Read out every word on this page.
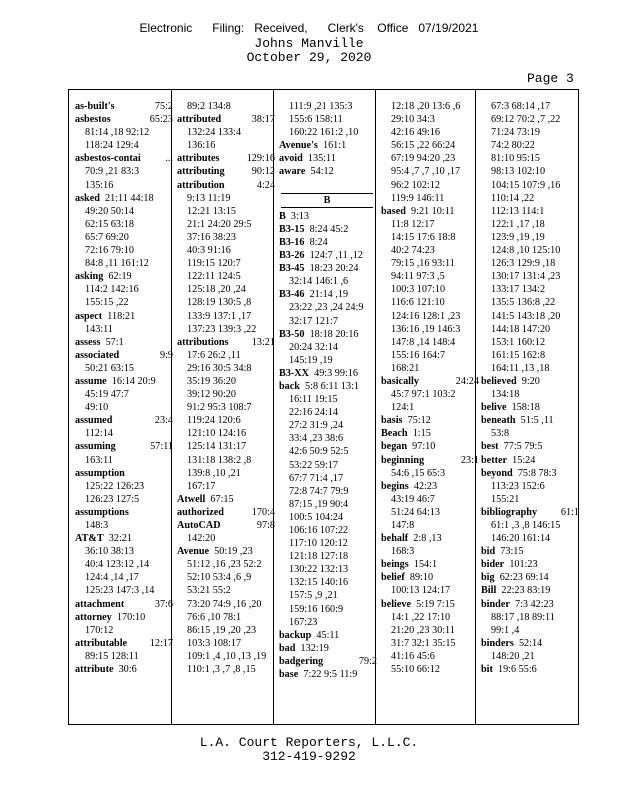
Electronic      Filing:   Received,      Clerk's    Office   07/19/2021
Johns Manville
October 29, 2020
Page 3
75:2
as-built's
65:23
asbestos
81:14 ,18 92:12
118:24 129:4
...
asbestos-contai
70:9 ,21 83:3
135:16
asked  21:11 44:18
49:20 50:14
62:15 63:18
65:7 69:20
72:16 79:10
84:8 ,11 161:12
asking  62:19
114:2 142:16
155:15 ,22
aspect  118:21
143:11
assess  57:1
9:9
associated
50:21 63:15
assume  16:14 20:9
45:19 47:7
49:10
23:4
assumed
112:14
57:11
assuming
163:11
assumption
125:22 126:23
126:23 127:5
assumptions
148:3
AT&T  32:21
36:10 38:13
40:4 123:12 ,14
124:4 ,14 ,17
125:23 147:3 ,14
37:6
attachment
attorney  170:10
170:12
12:17
attributable
89:15 128:11
attribute  30:6
89:2 134:8
38:17
attributed
132:24 133:4
136:16
129:16
attributes
90:12
attributing
4:24
attribution
9:13 11:19
12:21 13:15
21:1 24:20 29:5
37:16 38:23
40:3 91:16
119:15 120:7
122:11 124:5
125:18 ,20 ,24
128:19 130:5 ,8
133:9 137:1 ,17
137:23 139:3 ,22
13:21
attributions
17:6 26:2 ,11
29:16 30:5 34:8
35:19 36:20
39:12 90:20
91:2 95:3 108:7
119:24 120:6
121:10 124:16
125:14 131:17
131:18 138:2 ,8
139:8 ,10 ,21
167:17
Atwell  67:15
170:4
authorized
97:8
AutoCAD
142:20
Avenue  50:19 ,23
51:12 ,16 ,23 52:2
52:10 53:4 ,6 ,9
53:21 55:2
73:20 74:9 ,16 ,20
76:6 ,10 78:1
86:15 ,19 ,20 ,23
103:3 108:17
109:1 ,4 ,10 ,13 ,19
110:1 ,3 ,7 ,8 ,15
111:9 ,21 135:3
155:6 158:11
160:22 161:2 ,10
Avenue's  161:1
avoid  135:11
aware  54:12
B
B  3:13
B3-15  8:24 45:2
B3-16  8:24
B3-26  124:7 ,11 ,12
B3-45  18:23 20:24
32:14 146:1 ,6
B3-46  21:14 ,19
23:22 ,23 ,24 24:9
32:17 121:7
B3-50  18:18 20:16
20:24 32:14
145:19 ,19
B3-XX  49:3 99:16
back  5:8 6:11 13:1
16:11 19:15
22:16 24:14
27:2 31:9 ,24
33:4 ,23 38:6
42:6 50:9 52:5
53:22 59:17
67:7 71:4 ,17
72:8 74:7 79:9
87:15 ,19 90:4
100:5 104:24
106:16 107:22
117:10 120:12
121:18 127:18
130:22 132:13
132:15 140:16
157:5 ,9 ,21
159:16 160:9
167:23
backup  45:11
bad  132:19
79:2
badgering
base  7:22 9:5 11:9
12:18 ,20 13:6 ,6
29:10 34:3
42:16 49:16
56:15 ,22 66:24
67:19 94:20 ,23
95:4 ,7 ,7 ,10 ,17
96:2 102:12
119:9 146:11
based  9:21 10:11
11:8 12:17
14:15 17:6 18:8
40:2 74:23
79:15 ,16 93:11
94:11 97:3 ,5
100:3 107:10
116:6 121:10
124:16 128:1 ,23
136:16 ,19 146:3
147:8 ,14 148:4
155:16 164:7
168:21
24:24
basically
45:7 97:1 103:2
124:1
basis  75:12
Beach  1:15
began  97:10
23:1
beginning
54:6 ,15 65:3
begins  42:23
43:19 46:7
51:24 64:13
147:8
behalf  2:8 ,13
168:3
beings  154:1
belief  89:10
100:13 124:17
believe  5:19 7:15
14:1 ,22 17:10
21:20 ,23 30:11
31:7 32:1 35:15
41:16 45:6
55:10 66:12
67:3 68:14 ,17
69:12 70:2 ,7 ,22
71:24 73:19
74:2 80:22
81:10 95:15
98:13 102:10
104:15 107:9 ,16
110:14 ,22
112:13 114:1
122:1 ,17 ,18
123:9 ,19 ,19
124:8 ,10 125:10
126:3 129:9 ,18
130:17 131:4 ,23
133:17 134:2
135:5 136:8 ,22
141:5 143:18 ,20
144:18 147:20
153:1 160:12
161:15 162:8
164:11 ,13 ,18
believed  9:20
134:18
belive  158:18
beneath  51:5 ,11
53:8
best  77:5 79:5
better  15:24
beyond  75:8 78:3
113:23 152:6
155:21
61:1
bibliography
61:1 ,3 ,8 146:15
146:20 161:14
bid  73:15
bider  101:23
big  62:23 69:14
Bill  22:23 83:19
binder  7:3 42:23
88:17 ,18 89:11
99:1 ,4
binders  52:14
148:20 ,21
bit  19:6 55:6
L.A. Court Reporters, L.L.C.
312-419-9292
